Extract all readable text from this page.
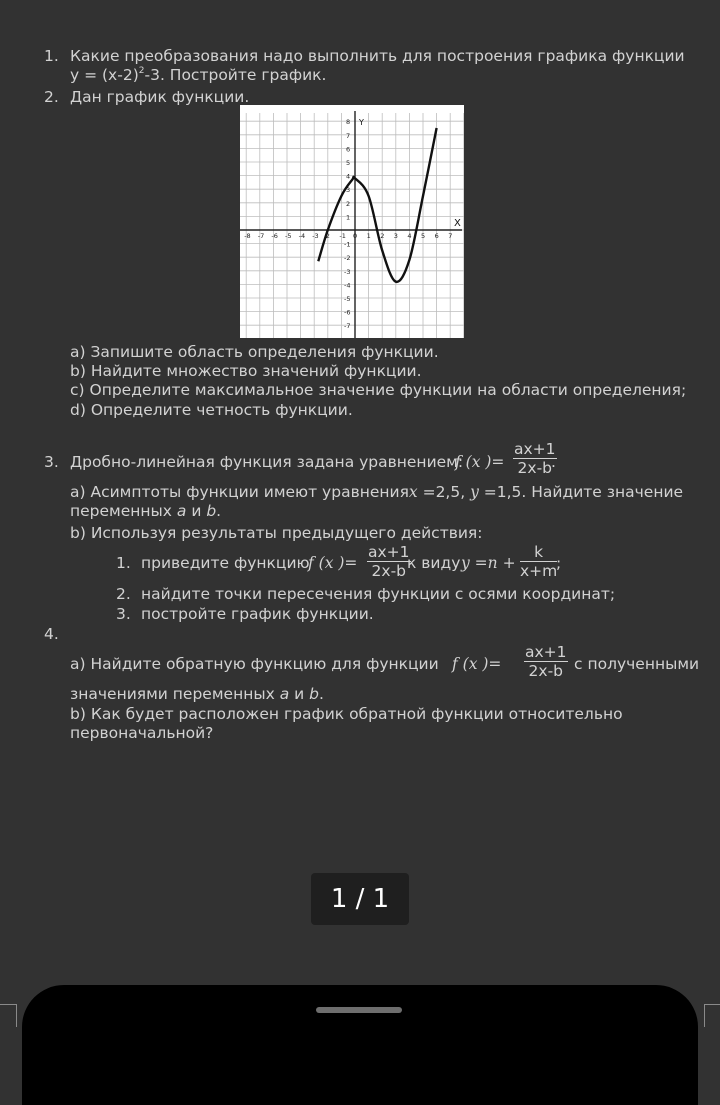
1. Какие преобразования надо выполнить для построения графика функции
$y = (x-2)^2-3$. Постройте график.
2. Дан график функции.
-8 -7 -6 -5 -4 -3 2 -1 0 1 2 3 4 5 6 7
8
7
6
5
4
3
2
1
-1
-2
-3
-4
-5
-6
-7
X
Y
a) Запишите область определения функции.
b) Найдите множество значений функции.
c) Определите максимальное значение функции на области определения;
d) Определите четность функции.
3. Дробно-линейная функция задана уравнением:
f (x )= $\frac{ax+1}{2x-b}$
.
a) Асимптоты функции имеют уравненияx =2,5, y =1,5. Найдите значение
переменных a и b.
b) Используя результаты предыдущего действия:
1. приведите функцию
f (x )= $\frac{ax+1}{2x-b}$
к виду $y =n + \frac{k}{x+m}$
;
2. найдите точки пересечения функции с осями координат;
3. постройте график функции.
4.
a) Найдите обратную функцию для функции f (x )= $\frac{ax+1}{2x-b}$ с полученными
значениями переменных a и b.
b) Как будет расположен график обратной функции относительно
первоначальной?
1 / 1
